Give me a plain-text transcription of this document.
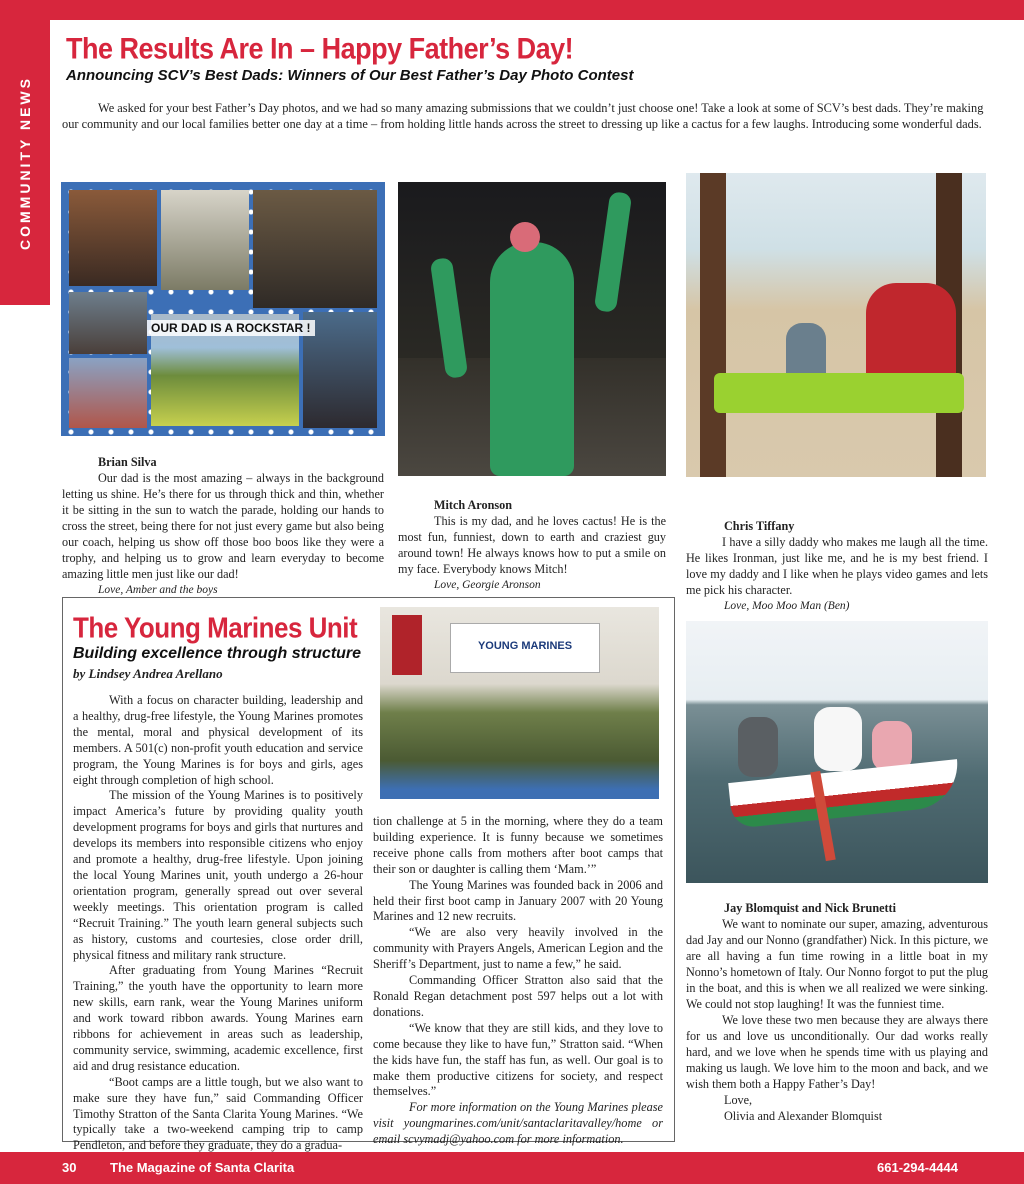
COMMUNITY NEWS
The Results Are In – Happy Father’s Day!
Announcing SCV’s Best Dads: Winners of Our Best Father’s Day Photo Contest

We asked for your best Father’s Day photos, and we had so many amazing submissions that we couldn’t just choose one! Take a look at some of SCV’s best dads. They’re making our community and our local families better one day at a time – from holding little hands across the street to dressing up like a cactus for a few laughs. Introducing some wonderful dads.

OUR DAD IS A ROCKSTAR !

Brian Silva

Our dad is the most amazing – always in the background letting us shine. He’s there for us through thick and thin, whether it be sitting in the sun to watch the parade, holding our hands to cross the street, being there for not just every game but also being our coach, helping us show off those boo boos like they were a trophy, and helping us to grow and learn everyday to become amazing little men just like our dad!

Love, Amber and the boys

Mitch Aronson

This is my dad, and he loves cactus! He is the most fun, funniest, down to earth and craziest guy around town! He always knows how to put a smile on my face. Everybody knows Mitch!

Love, Georgie Aronson

Chris Tiffany

I have a silly daddy who makes me laugh all the time. He likes Ironman, just like me, and he is my best friend. I love my daddy and I like when he plays video games and lets me pick his character.

Love, Moo Moo Man (Ben)

Jay Blomquist and Nick Brunetti

We want to nominate our super, amazing, adventurous dad Jay and our Nonno (grandfather) Nick. In this picture, we are all having a fun time rowing in a little boat in my Nonno’s hometown of Italy. Our Nonno forgot to put the plug in the boat, and this is when we all realized we were sinking. We could not stop laughing! It was the funniest time.

We love these two men because they are always there for us and love us unconditionally. Our dad works really hard, and we love when he spends time with us playing and making us laugh. We love him to the moon and back, and we wish them both a Happy Father’s Day!

Love,

Olivia and Alexander Blomquist

The Young Marines Unit
Building excellence through structure

by Lindsey Andrea Arellano

YOUNG MARINES

With a focus on character building, leadership and a healthy, drug-free lifestyle, the Young Marines promotes the mental, moral and physical development of its members. A 501(c) non-profit youth education and service program, the Young Marines is for boys and girls, ages eight through completion of high school.

The mission of the Young Marines is to positively impact America’s future by providing quality youth development programs for boys and girls that nurtures and develops its members into responsible citizens who enjoy and promote a healthy, drug-free lifestyle. Upon joining the local Young Marines unit, youth undergo a 26-hour orientation program, generally spread out over several weekly meetings. This orientation program is called “Recruit Training.” The youth learn general subjects such as history, customs and courtesies, close order drill, physical fitness and military rank structure.

After graduating from Young Marines “Recruit Training,” the youth have the opportunity to learn more new skills, earn rank, wear the Young Marines uniform and work toward ribbon awards. Young Marines earn ribbons for achievement in areas such as leadership, community service, swimming, academic excellence, first aid and drug resistance education.

“Boot camps are a little tough, but we also want to make sure they have fun,” said Commanding Officer Timothy Stratton of the Santa Clarita Young Marines. “We typically take a two-weekend camping trip to camp Pendleton, and before they graduate, they do a gradua-

tion challenge at 5 in the morning, where they do a team building experience. It is funny because we sometimes receive phone calls from mothers after boot camps that their son or daughter is calling them ‘Mam.’”

The Young Marines was founded back in 2006 and held their first boot camp in January 2007 with 20 Young Marines and 12 new recruits.

“We are also very heavily involved in the community with Prayers Angels, American Legion and the Sheriff’s Department, just to name a few,” he said.

Commanding Officer Stratton also said that the Ronald Regan detachment post 597 helps out a lot with donations.

“We know that they are still kids, and they love to come because they like to have fun,” Stratton said. “When the kids have fun, the staff has fun, as well. Our goal is to make them productive citizens for society, and respect themselves.”

For more information on the Young Marines please visit youngmarines.com/unit/santaclaritavalley/home or email scvymadj@yahoo.com for more information.

30	The Magazine of Santa Clarita	661-294-4444
